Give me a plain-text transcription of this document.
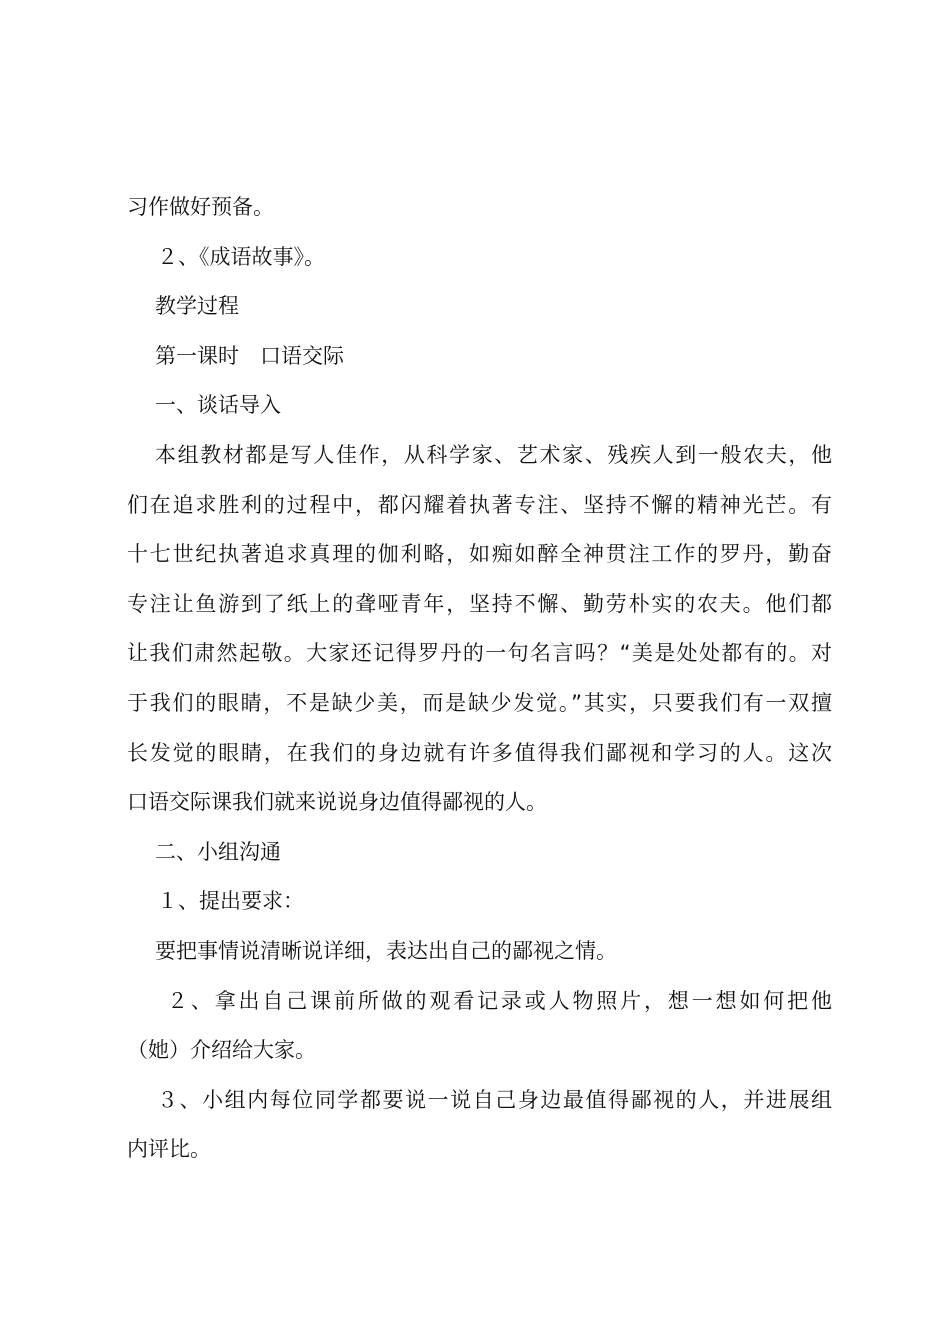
习作做好预备。
２、《成语故事》。
教学过程
第一课时　口语交际
一、谈话导入
本组教材都是写人佳作，从科学家、艺术家、残疾人到一般农夫，他
们在追求胜利的过程中，都闪耀着执著专注、坚持不懈的精神光芒。有
十七世纪执著追求真理的伽利略，如痴如醉全神贯注工作的罗丹，勤奋
专注让鱼游到了纸上的聋哑青年，坚持不懈、勤劳朴实的农夫。他们都
让我们肃然起敬。大家还记得罗丹的一句名言吗？“美是处处都有的。对
于我们的眼睛，不是缺少美，而是缺少发觉。”其实，只要我们有一双擅
长发觉的眼睛，在我们的身边就有许多值得我们鄙视和学习的人。这次
口语交际课我们就来说说身边值得鄙视的人。
二、小组沟通
１、提出要求：
要把事情说清晰说详细，表达出自己的鄙视之情。
２、拿出自己课前所做的观看记录或人物照片，想一想如何把他
（她）介绍给大家。
３、小组内每位同学都要说一说自己身边最值得鄙视的人，并进展组
内评比。
